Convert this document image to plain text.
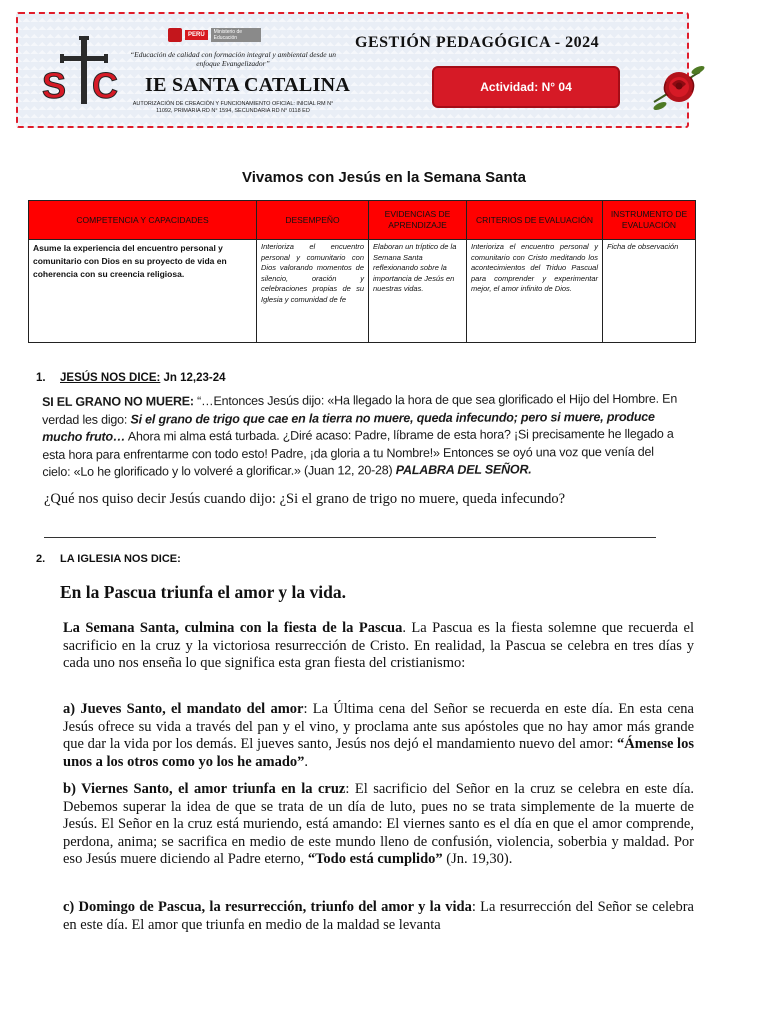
S C
PERÚ	Ministerio de Educación
“Educación de calidad con formación integral y ambiental desde un enfoque Evangelizador”
IE SANTA CATALINA
AUTORIZACIÓN DE CREACIÓN Y FUNCIONAMIENTO OFICIAL: INICIAL RM N° 11092, PRIMARIA RD N° 1594, SECUNDARIA RD N° 0118 ED
GESTIÓN PEDAGÓGICA - 2024
Actividad: N° 04
Vivamos con Jesús en la Semana Santa
COMPETENCIA Y CAPACIDADES	DESEMPEÑO	EVIDENCIAS DE APRENDIZAJE	CRITERIOS DE EVALUACIÓN	INSTRUMENTO DE EVALUACIÓN
Asume la experiencia del encuentro personal y comunitario con Dios en su proyecto de vida en coherencia con su creencia religiosa.	Interioriza el encuentro personal y comunitario con Dios valorando momentos de silencio, oración y celebraciones propias de su Iglesia y comunidad de fe	Elaboran un tríptico de la Semana Santa reflexionando sobre la importancia de Jesús en nuestras vidas.	Interioriza el encuentro personal y comunitario con Cristo meditando los acontecimientos del Triduo Pascual para comprender y experimentar mejor, el amor infinito de Dios.	Ficha de observación
1. JESÚS NOS DICE: Jn 12,23-24
SI EL GRANO NO MUERE: “…Entonces Jesús dijo: «Ha llegado la hora de que sea glorificado el Hijo del Hombre. En verdad les digo: Si el grano de trigo que cae en la tierra no muere, queda infecundo; pero si muere, produce mucho fruto… Ahora mi alma está turbada. ¿Diré acaso: Padre, líbrame de esta hora? ¡Si precisamente he llegado a esta hora para enfrentarme con todo esto! Padre, ¡da gloria a tu Nombre!» Entonces se oyó una voz que venía del cielo: «Lo he glorificado y lo volveré a glorificar.» (Juan 12, 20-28) PALABRA DEL SEÑOR.
¿Qué nos quiso decir Jesús cuando dijo: ¿Si el grano de trigo no muere, queda infecundo?
2. LA IGLESIA NOS DICE:
En la Pascua triunfa el amor y la vida.
La Semana Santa, culmina con la fiesta de la Pascua. La Pascua es la fiesta solemne que recuerda el sacrificio en la cruz y la victoriosa resurrección de Cristo. En realidad, la Pascua se celebra en tres días y cada uno nos enseña lo que significa esta gran fiesta del cristianismo:
a) Jueves Santo, el mandato del amor: La Última cena del Señor se recuerda en este día. En esta cena Jesús ofrece su vida a través del pan y el vino, y proclama ante sus apóstoles que no hay amor más grande que dar la vida por los demás. El jueves santo, Jesús nos dejó el mandamiento nuevo del amor: “Ámense los unos a los otros como yo los he amado”.
b) Viernes Santo, el amor triunfa en la cruz: El sacrificio del Señor en la cruz se celebra en este día. Debemos superar la idea de que se trata de un día de luto, pues no se trata simplemente de la muerte de Jesús. El Señor en la cruz está muriendo, está amando: El viernes santo es el día en que el amor comprende, perdona, anima; se sacrifica en medio de este mundo lleno de confusión, violencia, soberbia y maldad. Por eso Jesús muere diciendo al Padre eterno, “Todo está cumplido” (Jn. 19,30).
c) Domingo de Pascua, la resurrección, triunfo del amor y la vida: La resurrección del Señor se celebra en este día. El amor que triunfa en medio de la maldad se levanta
